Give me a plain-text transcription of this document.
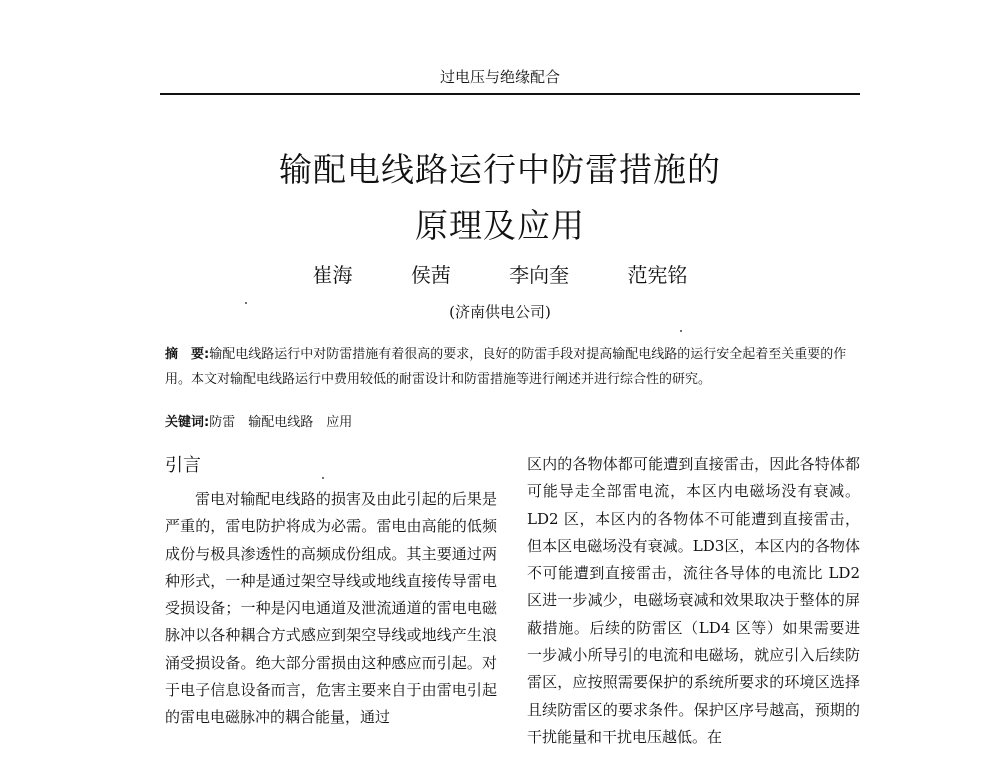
过电压与绝缘配合
输配电线路运行中防雷措施的
原理及应用
崔海	侯茜	李向奎	范宪铭
(济南供电公司)
摘　要:输配电线路运行中对防雷措施有着很高的要求，良好的防雷手段对提高输配电线路的运行安全起着至关重要的作用。本文对输配电线路运行中费用较低的耐雷设计和防雷措施等进行阐述并进行综合性的研究。
关键词:防雷　输配电线路　应用
引言
雷电对输配电线路的损害及由此引起的后果是严重的，雷电防护将成为必需。雷电由高能的低频成份与极具渗透性的高频成份组成。其主要通过两种形式，一种是通过架空导线或地线直接传导雷电受损设备；一种是闪电通道及泄流通道的雷电电磁脉冲以各种耦合方式感应到架空导线或地线产生浪涌受损设备。绝大部分雷损由这种感应而引起。对于电子信息设备而言，危害主要来自于由雷电引起的雷电电磁脉冲的耦合能量，通过
区内的各物体都可能遭到直接雷击，因此各特体都可能导走全部雷电流，本区内电磁场没有衰减。LD2 区，本区内的各物体不可能遭到直接雷击，但本区电磁场没有衰减。LD3区，本区内的各物体不可能遭到直接雷击，流往各导体的电流比 LD2 区进一步减少，电磁场衰减和效果取决于整体的屏蔽措施。后续的防雷区（LD4 区等）如果需要进一步减小所导引的电流和电磁场，就应引入后续防雷区，应按照需要保护的系统所要求的环境区选择且续防雷区的要求条件。保护区序号越高，预期的干扰能量和干扰电压越低。在
